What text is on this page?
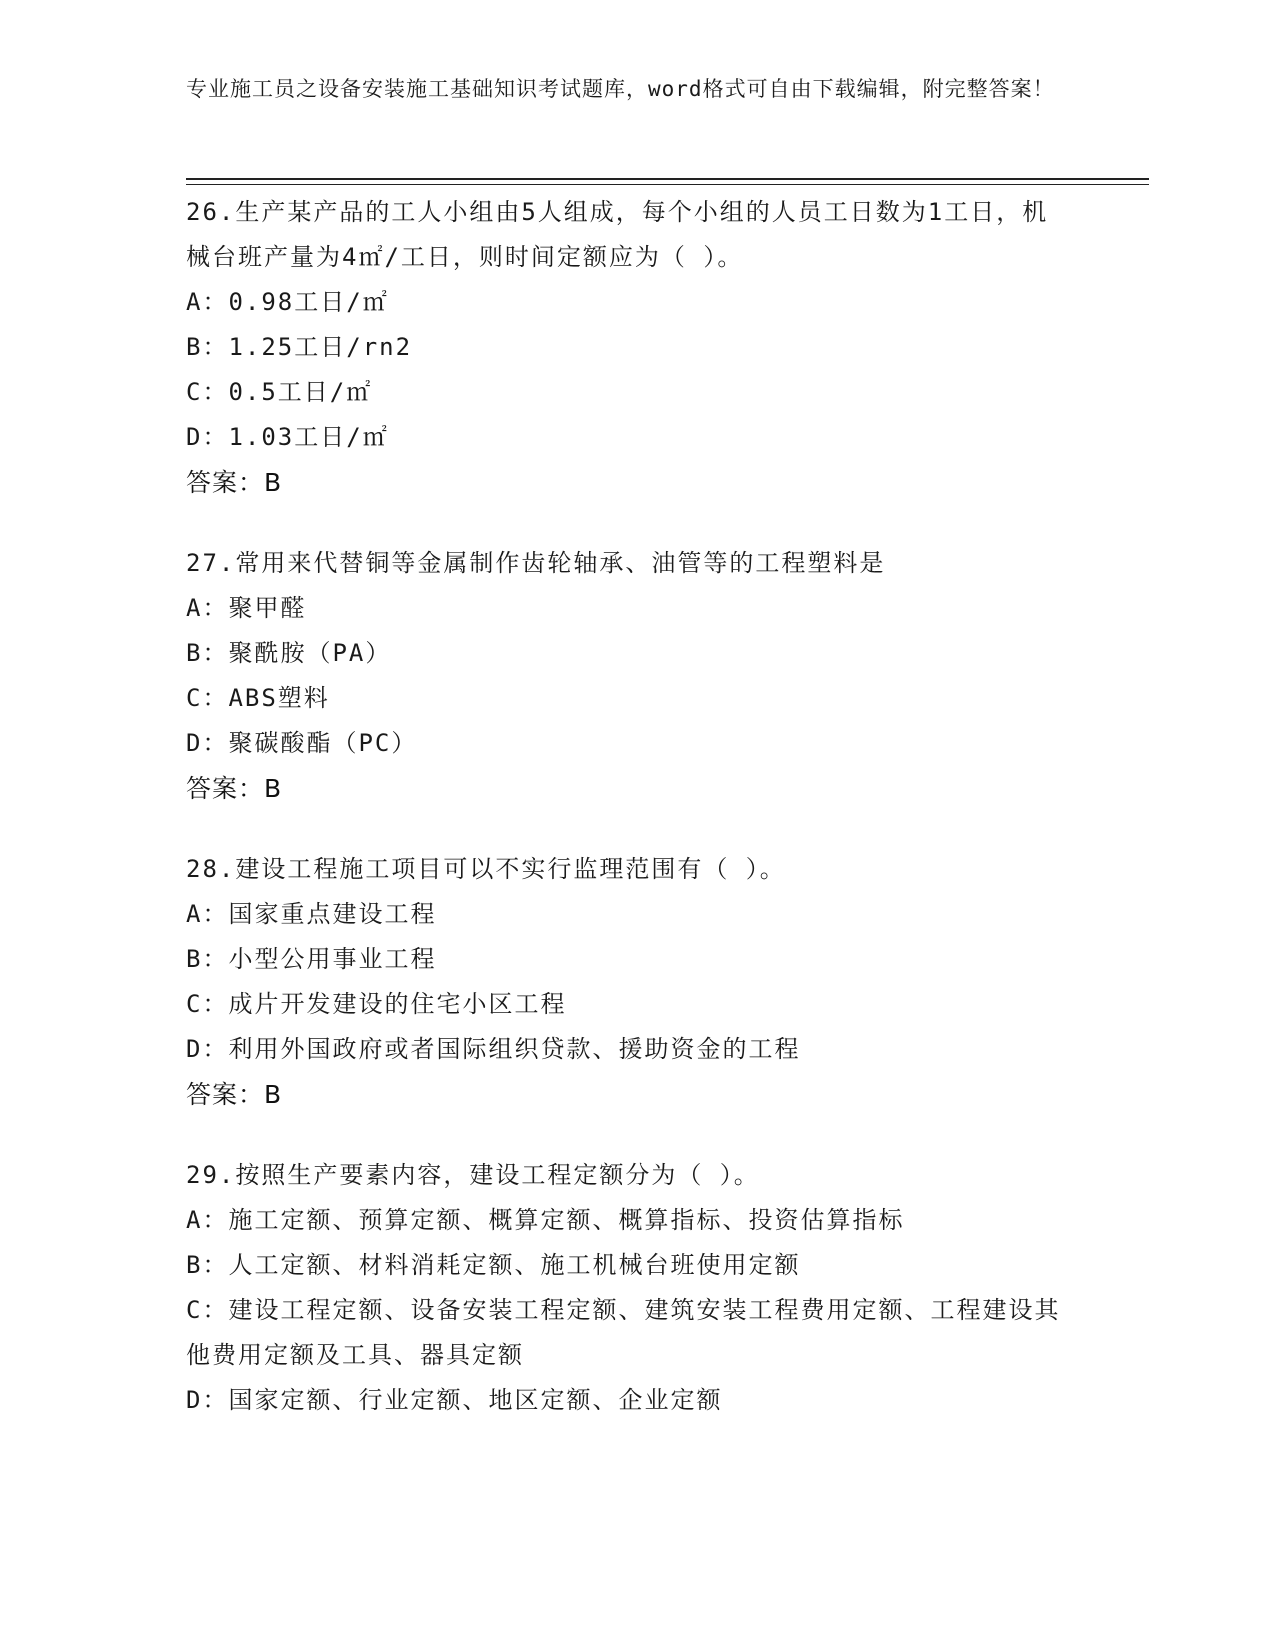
专业施工员之设备安装施工基础知识考试题库，word格式可自由下载编辑，附完整答案！

26.生产某产品的工人小组由5人组成，每个小组的人员工日数为1工日，机械台班产量为4㎡/工日，则时间定额应为（ ）。

A：0.98工日/㎡

B：1.25工日/rn2

C：0.5工日/㎡

D：1.03工日/㎡

答案：B

27.常用来代替铜等金属制作齿轮轴承、油管等的工程塑料是

A：聚甲醛

B：聚酰胺（PA）

C：ABS塑料

D：聚碳酸酯（PC）

答案：B

28.建设工程施工项目可以不实行监理范围有（ ）。

A：国家重点建设工程

B：小型公用事业工程

C：成片开发建设的住宅小区工程

D：利用外国政府或者国际组织贷款、援助资金的工程

答案：B

29.按照生产要素内容，建设工程定额分为（ ）。

A：施工定额、预算定额、概算定额、概算指标、投资估算指标

B：人工定额、材料消耗定额、施工机械台班使用定额

C：建设工程定额、设备安装工程定额、建筑安装工程费用定额、工程建设其他费用定额及工具、器具定额

D：国家定额、行业定额、地区定额、企业定额
